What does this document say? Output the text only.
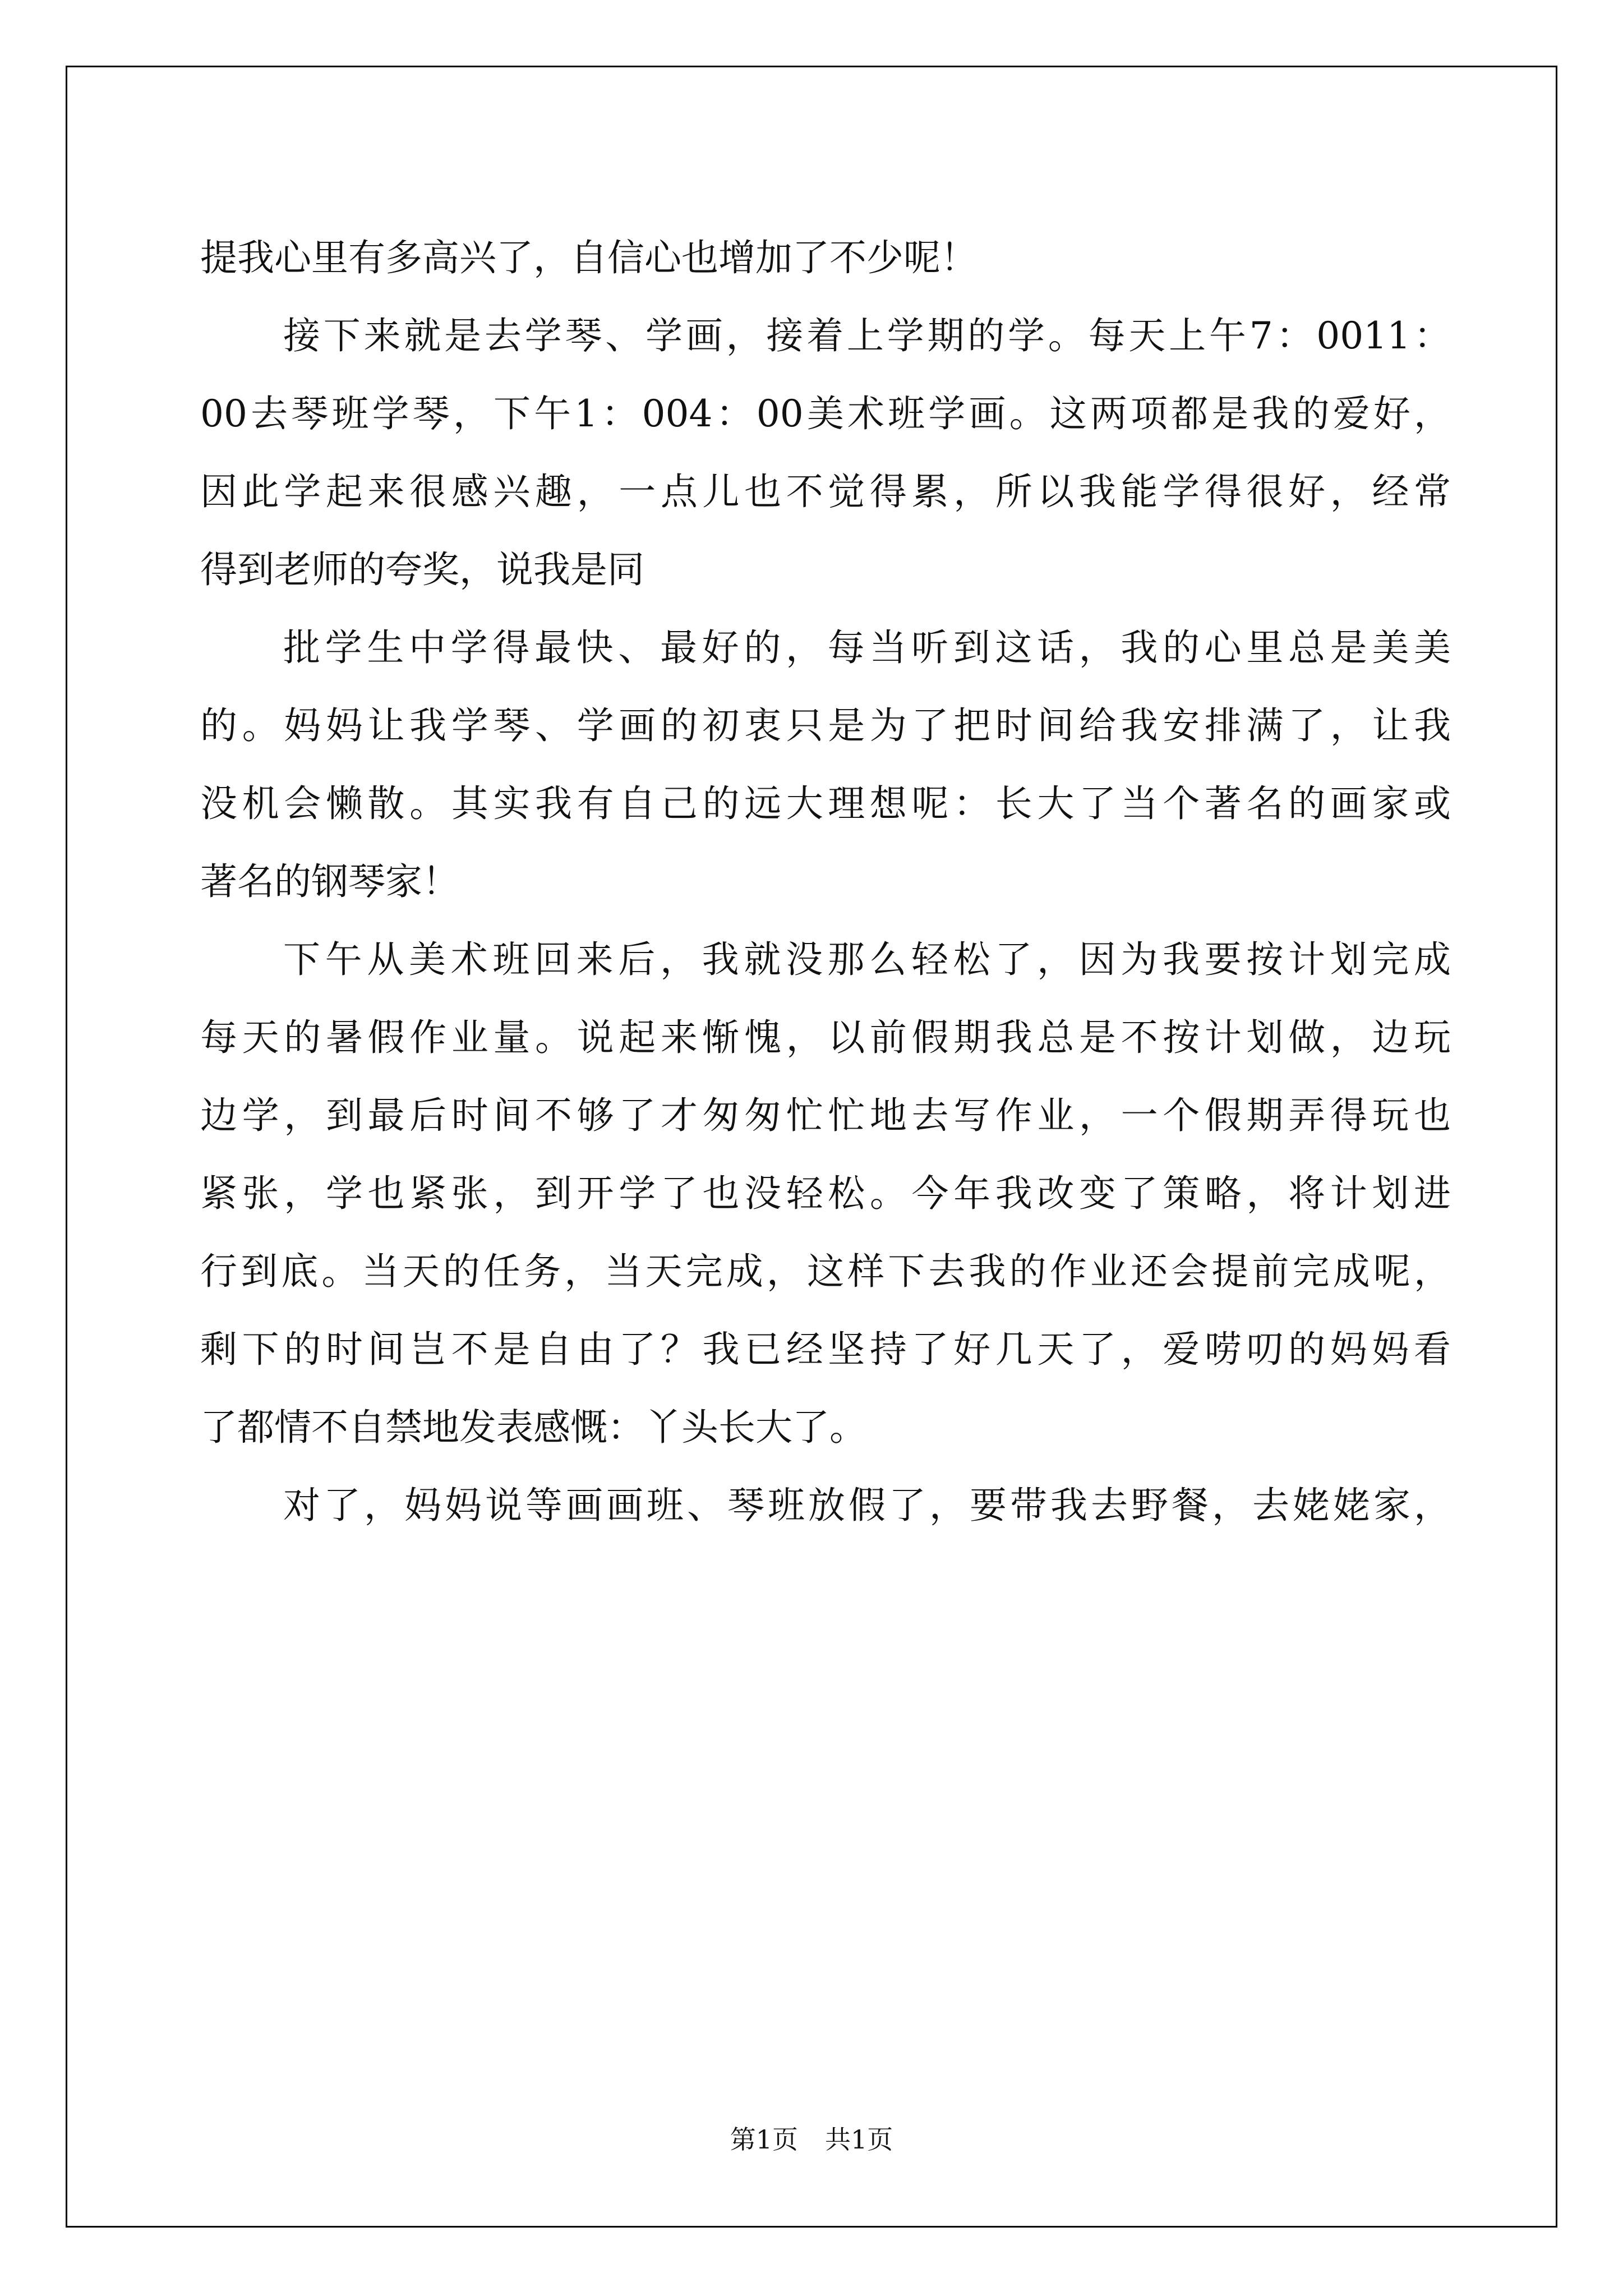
提我心里有多高兴了，自信心也增加了不少呢！
接下来就是去学琴、学画，接着上学期的学。每天上午7：0011：
00去琴班学琴，下午1：004：00美术班学画。这两项都是我的爱好，
因此学起来很感兴趣，一点儿也不觉得累，所以我能学得很好，经常
得到老师的夸奖，说我是同
批学生中学得最快、最好的，每当听到这话，我的心里总是美美
的。妈妈让我学琴、学画的初衷只是为了把时间给我安排满了，让我
没机会懒散。其实我有自己的远大理想呢：长大了当个著名的画家或
著名的钢琴家！
下午从美术班回来后，我就没那么轻松了，因为我要按计划完成
每天的暑假作业量。说起来惭愧，以前假期我总是不按计划做，边玩
边学，到最后时间不够了才匆匆忙忙地去写作业，一个假期弄得玩也
紧张，学也紧张，到开学了也没轻松。今年我改变了策略，将计划进
行到底。当天的任务，当天完成，这样下去我的作业还会提前完成呢，
剩下的时间岂不是自由了？我已经坚持了好几天了，爱唠叨的妈妈看
了都情不自禁地发表感慨：丫头长大了。
对了，妈妈说等画画班、琴班放假了，要带我去野餐，去姥姥家，
第1页 共1页
